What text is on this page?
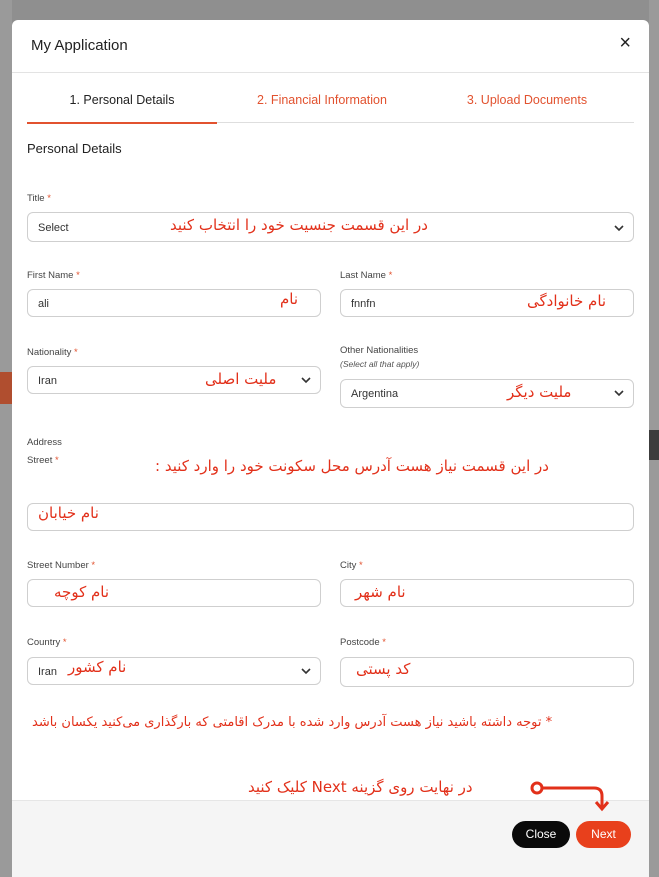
My Application	×
1. Personal Details	2. Financial Information	3. Upload Documents
Personal Details
Title *
Select	در این قسمت جنسیت خود را انتخاب کنید
First Name *
ali	نام
Last Name *
fnnfn	نام خانوادگی
Nationality *
Iran	ملیت اصلی
Other Nationalities
(Select all that apply)
Argentina	ملیت دیگر
Address
در این قسمت نیاز هست آدرس محل سکونت خود را وارد کنید :
Street *
نام خیابان
Street Number *
نام کوچه
City *
نام شهر
Country *
Iran نام کشور
Postcode *
کد پستی
* توجه داشته باشید نیاز هست آدرس وارد شده با مدرک اقامتی که بارگذاری می‌کنید یکسان باشد
در نهایت روی گزینه Next کلیک کنید
Close	Next
